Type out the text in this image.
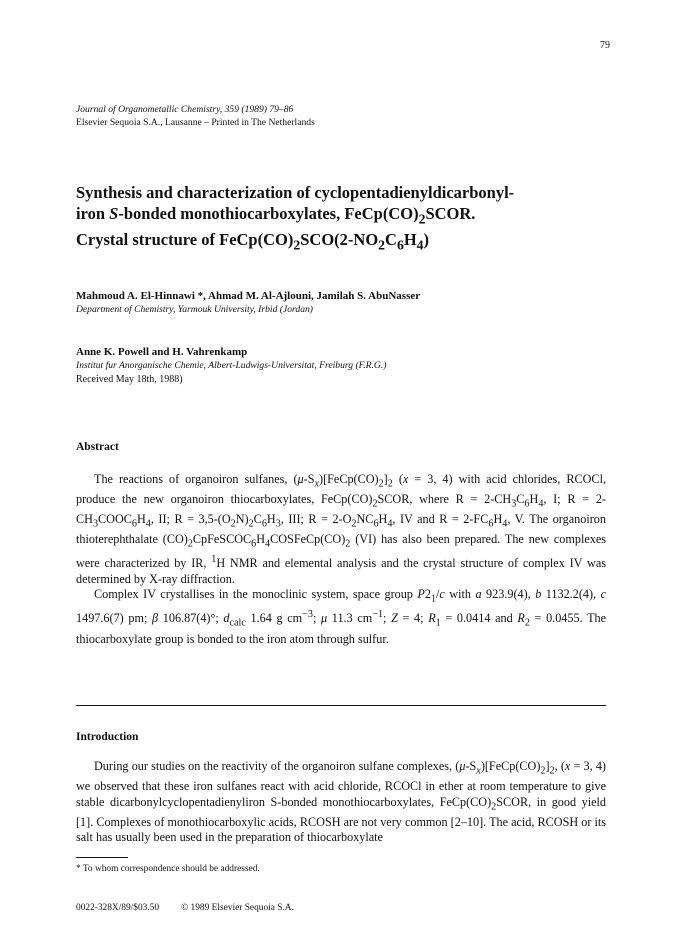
79
Journal of Organometallic Chemistry, 359 (1989) 79–86
Elsevier Sequoia S.A., Lausanne – Printed in The Netherlands
Synthesis and characterization of cyclopentadienyldicarbonyl-
iron S-bonded monothiocarboxylates, $FeCp(CO)_2SCOR$.
Crystal structure of $FeCp(CO)_2SCO(2-NO_2C_6H_4)$
Mahmoud A. El-Hinnawi *, Ahmad M. Al-Ajlouni, Jamilah S. AbuNasser
Department of Chemistry, Yarmouk University, Irbid (Jordan)
Anne K. Powell and H. Vahrenkamp
Institut fur Anorganische Chemie, Albert-Ludwigs-Universitat, Freiburg (F.R.G.)
Received May 18th, 1988)
Abstract

The reactions of organoiron sulfanes, $(\mu-S_x)[FeCp(CO)_2]_2$ (x = 3, 4) with acid chlorides, RCOCl, produce the new organoiron thiocarboxylates, $FeCp(CO)_2SCOR$, where $R = 2-CH_3C_6H_4$, I; $R = 2-CH_3COOC_6H_4$, II; $R = 3,5-(O_2N)_2C_6H_3$, III; $R = 2-O_2NC_6H_4$, IV and $R = 2-FC_6H_4$, V. The organoiron thioterephthalate $(CO)_2CpFeSCOC_6H_4COSFeCp(CO)_2$ (VI) has also been prepared. The new complexes were characterized by IR, $^1$H NMR and elemental analysis and the crystal structure of complex IV was determined by X-ray diffraction.

Complex IV crystallises in the monoclinic system, space group $P2_1/c$ with a 923.9(4), b 1132.2(4), c 1497.6(7) pm; β 106.87(4)°; $d_{calc}$ 1.64 g $cm^{-3}$; μ 11.3 $cm^{-1}$; Z = 4; $R_1 = 0.0414$ and $R_2 = 0.0455$. The thiocarboxylate group is bonded to the iron atom through sulfur.

Introduction

During our studies on the reactivity of the organoiron sulfane complexes, $(\mu-S_x)[FeCp(CO)_2]_2$, (x = 3, 4) we observed that these iron sulfanes react with acid chloride, RCOCl in ether at room temperature to give stable dicarbonylcyclopentadienyliron S-bonded monothiocarboxylates, $FeCp(CO)_2SCOR$, in good yield [1]. Complexes of monothiocarboxylic acids, RCOSH are not very common [2–10]. The acid, RCOSH or its salt has usually been used in the preparation of thiocarboxylate

* To whom correspondence should be addressed.
0022-328X/89/$03.50 © 1989 Elsevier Sequoia S.A.
